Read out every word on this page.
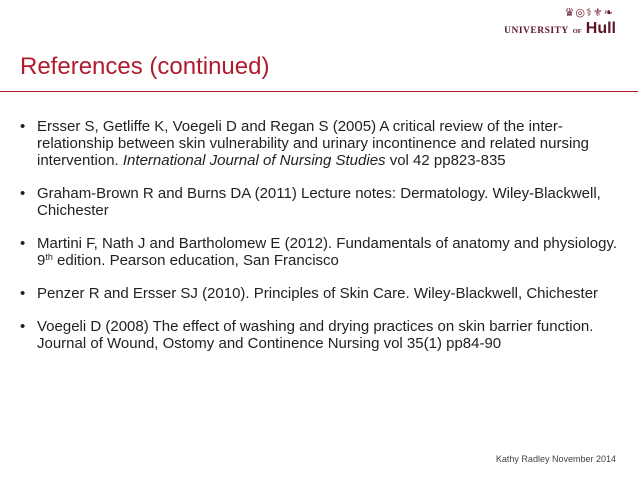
♛◎⚕⚜❧
UNIVERSITY OF Hull
References (continued)
• Ersser S, Getliffe K, Voegeli D and Regan S (2005) A critical review of the inter-relationship between skin vulnerability and urinary incontinence and related nursing intervention. International Journal of Nursing Studies vol 42 pp823-835
• Graham-Brown R and Burns DA (2011) Lecture notes: Dermatology. Wiley-Blackwell, Chichester
• Martini F, Nath J and Bartholomew E (2012). Fundamentals of anatomy and physiology. 9th edition. Pearson education, San Francisco
• Penzer R and Ersser SJ (2010). Principles of Skin Care. Wiley-Blackwell, Chichester
• Voegeli D (2008) The effect of washing and drying practices on skin barrier function. Journal of Wound, Ostomy and Continence Nursing vol 35(1) pp84-90
Kathy Radley November 2014
